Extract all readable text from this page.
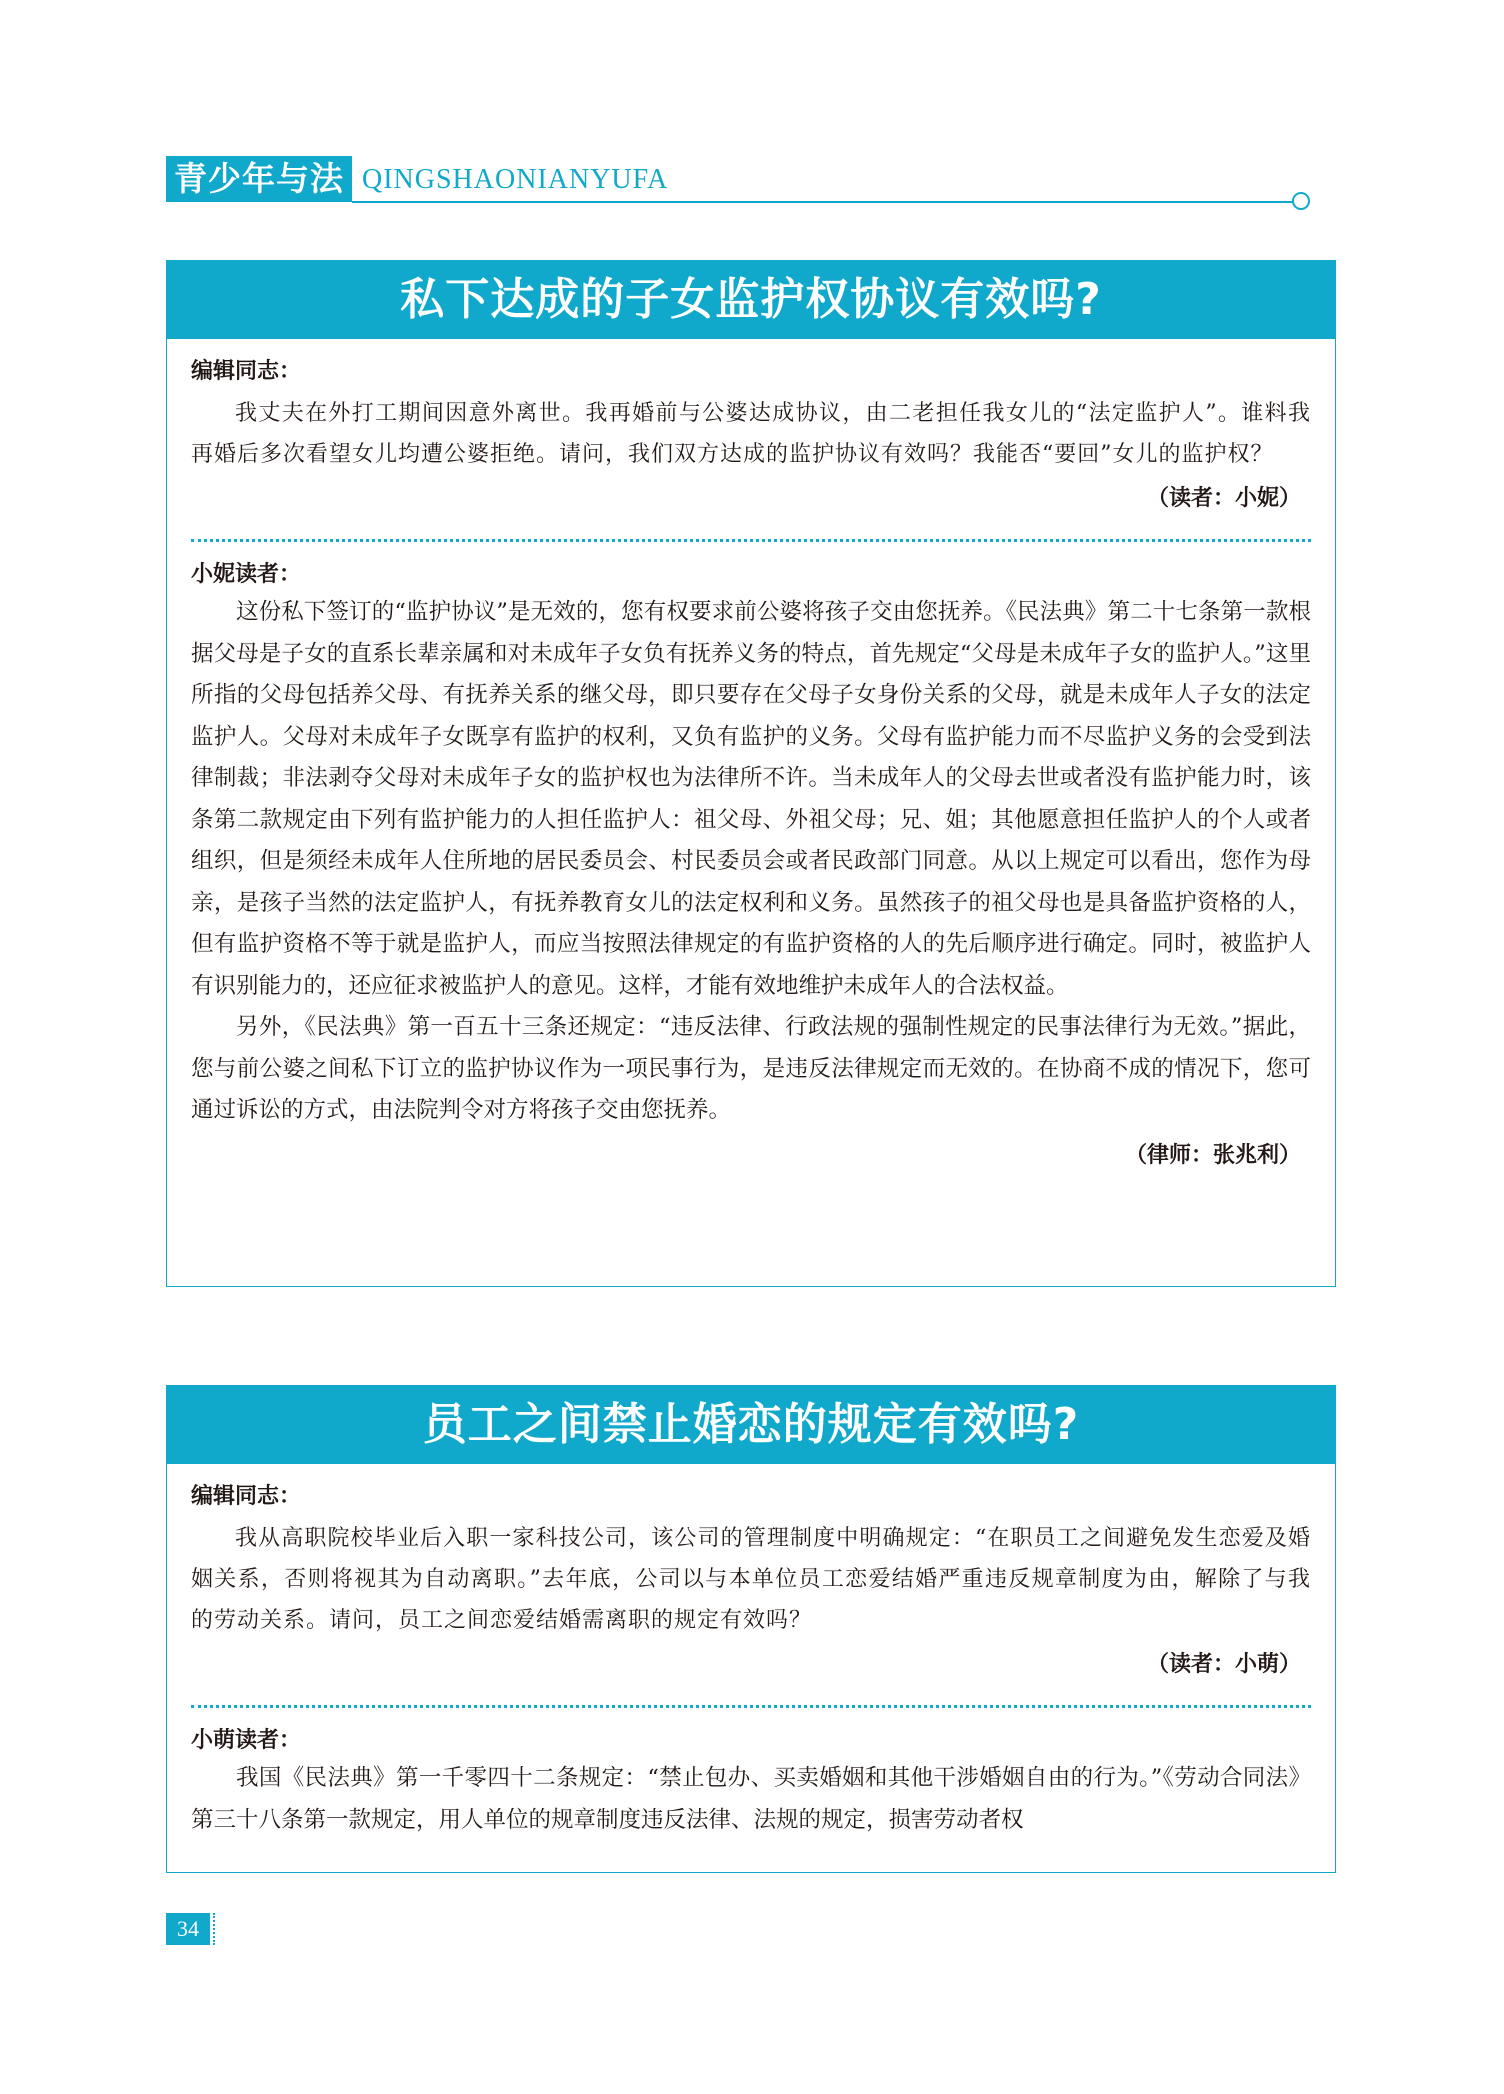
青少年与法 QINGSHAONIANYUFA
私下达成的子女监护权协议有效吗?
编辑同志：

我丈夫在外打工期间因意外离世。我再婚前与公婆达成协议，由二老担任我女儿的“法定监护人”。谁料我再婚后多次看望女儿均遭公婆拒绝。请问，我们双方达成的监护协议有效吗？我能否“要回”女儿的监护权？

（读者：小妮）
小妮读者：

这份私下签订的“监护协议”是无效的，您有权要求前公婆将孩子交由您抚养。《民法典》第二十七条第一款根据父母是子女的直系长辈亲属和对未成年子女负有抚养义务的特点，首先规定“父母是未成年子女的监护人。”这里所指的父母包括养父母、有抚养关系的继父母，即只要存在父母子女身份关系的父母，就是未成年人子女的法定监护人。父母对未成年子女既享有监护的权利，又负有监护的义务。父母有监护能力而不尽监护义务的会受到法律制裁；非法剥夺父母对未成年子女的监护权也为法律所不许。当未成年人的父母去世或者没有监护能力时，该条第二款规定由下列有监护能力的人担任监护人：祖父母、外祖父母；兄、姐；其他愿意担任监护人的个人或者组织，但是须经未成年人住所地的居民委员会、村民委员会或者民政部门同意。从以上规定可以看出，您作为母亲，是孩子当然的法定监护人，有抚养教育女儿的法定权利和义务。虽然孩子的祖父母也是具备监护资格的人，但有监护资格不等于就是监护人，而应当按照法律规定的有监护资格的人的先后顺序进行确定。同时，被监护人有识别能力的，还应征求被监护人的意见。这样，才能有效地维护未成年人的合法权益。

另外，《民法典》第一百五十三条还规定：“违反法律、行政法规的强制性规定的民事法律行为无效。”据此，您与前公婆之间私下订立的监护协议作为一项民事行为，是违反法律规定而无效的。在协商不成的情况下，您可通过诉讼的方式，由法院判令对方将孩子交由您抚养。

（律师：张兆利）
员工之间禁止婚恋的规定有效吗?
编辑同志：

我从高职院校毕业后入职一家科技公司，该公司的管理制度中明确规定：“在职员工之间避免发生恋爱及婚姻关系，否则将视其为自动离职。”去年底，公司以与本单位员工恋爱结婚严重违反规章制度为由，解除了与我的劳动关系。请问，员工之间恋爱结婚需离职的规定有效吗？

（读者：小萌）
小萌读者：

我国《民法典》第一千零四十二条规定：“禁止包办、买卖婚姻和其他干涉婚姻自由的行为。”《劳动合同法》第三十八条第一款规定，用人单位的规章制度违反法律、法规的规定，损害劳动者权

34
